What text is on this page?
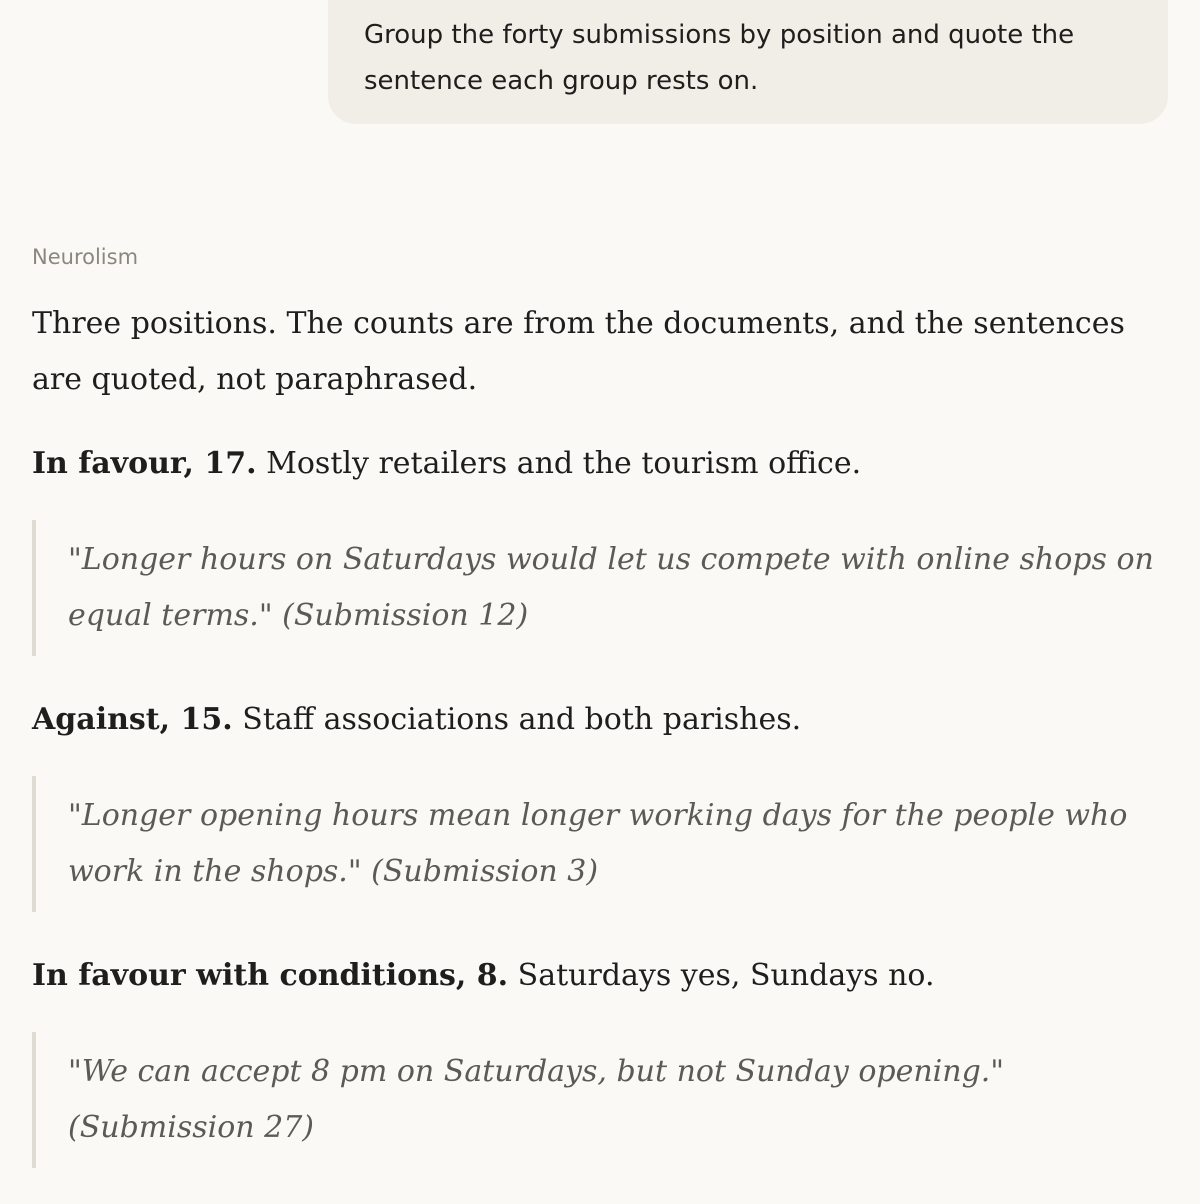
Group the forty submissions by position and quote the sentence each group rests on.
Neurolism

Three positions. The counts are from the documents, and the sentences are quoted, not paraphrased.

In favour, 17. Mostly retailers and the tourism office.

"Longer hours on Saturdays would let us compete with online shops on equal terms." (Submission 12)

Against, 15. Staff associations and both parishes.

"Longer opening hours mean longer working days for the people who work in the shops." (Submission 3)

In favour with conditions, 8. Saturdays yes, Sundays no.

"We can accept 8 pm on Saturdays, but not Sunday opening." (Submission 27)
